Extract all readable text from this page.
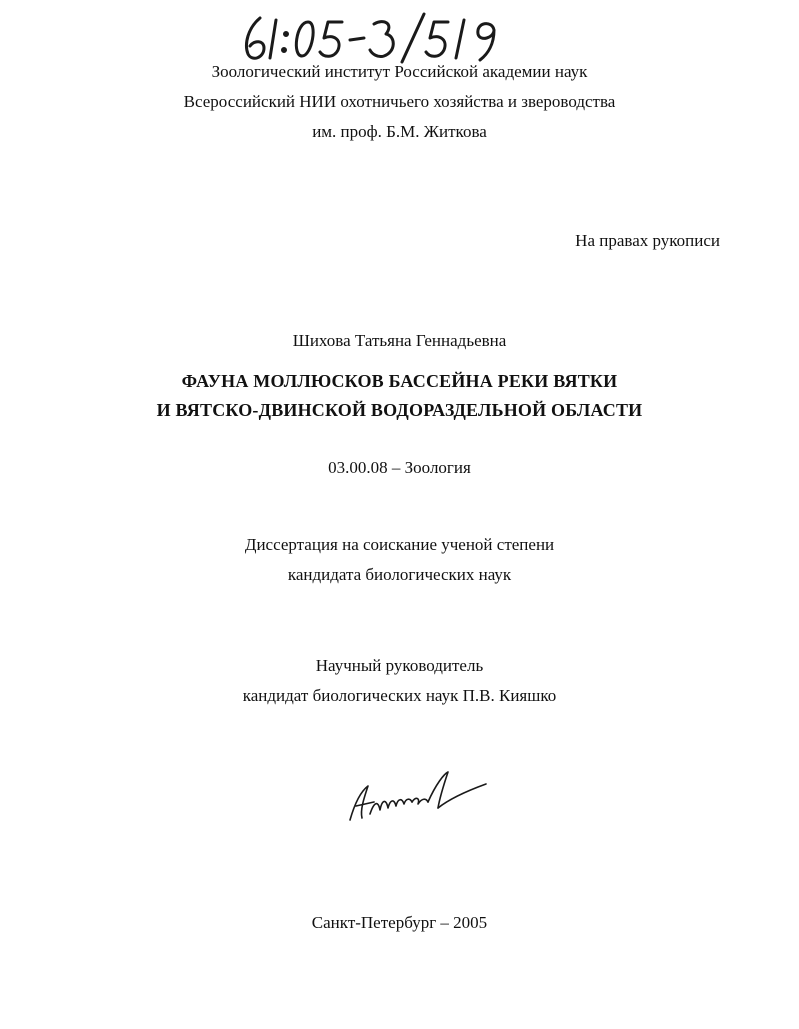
Зоологический институт Российской академии наук
Всероссийский НИИ охотничьего хозяйства и звероводства
им. проф. Б.М. Житкова
На правах рукописи
Шихова Татьяна Геннадьевна
ФАУНА МОЛЛЮСКОВ БАССЕЙНА РЕКИ ВЯТКИ
И ВЯТСКО-ДВИНСКОЙ ВОДОРАЗДЕЛЬНОЙ ОБЛАСТИ
03.00.08 – Зоология
Диссертация на соискание ученой степени
кандидата биологических наук
Научный руководитель
кандидат биологических наук П.В. Кияшко
Санкт-Петербург – 2005
